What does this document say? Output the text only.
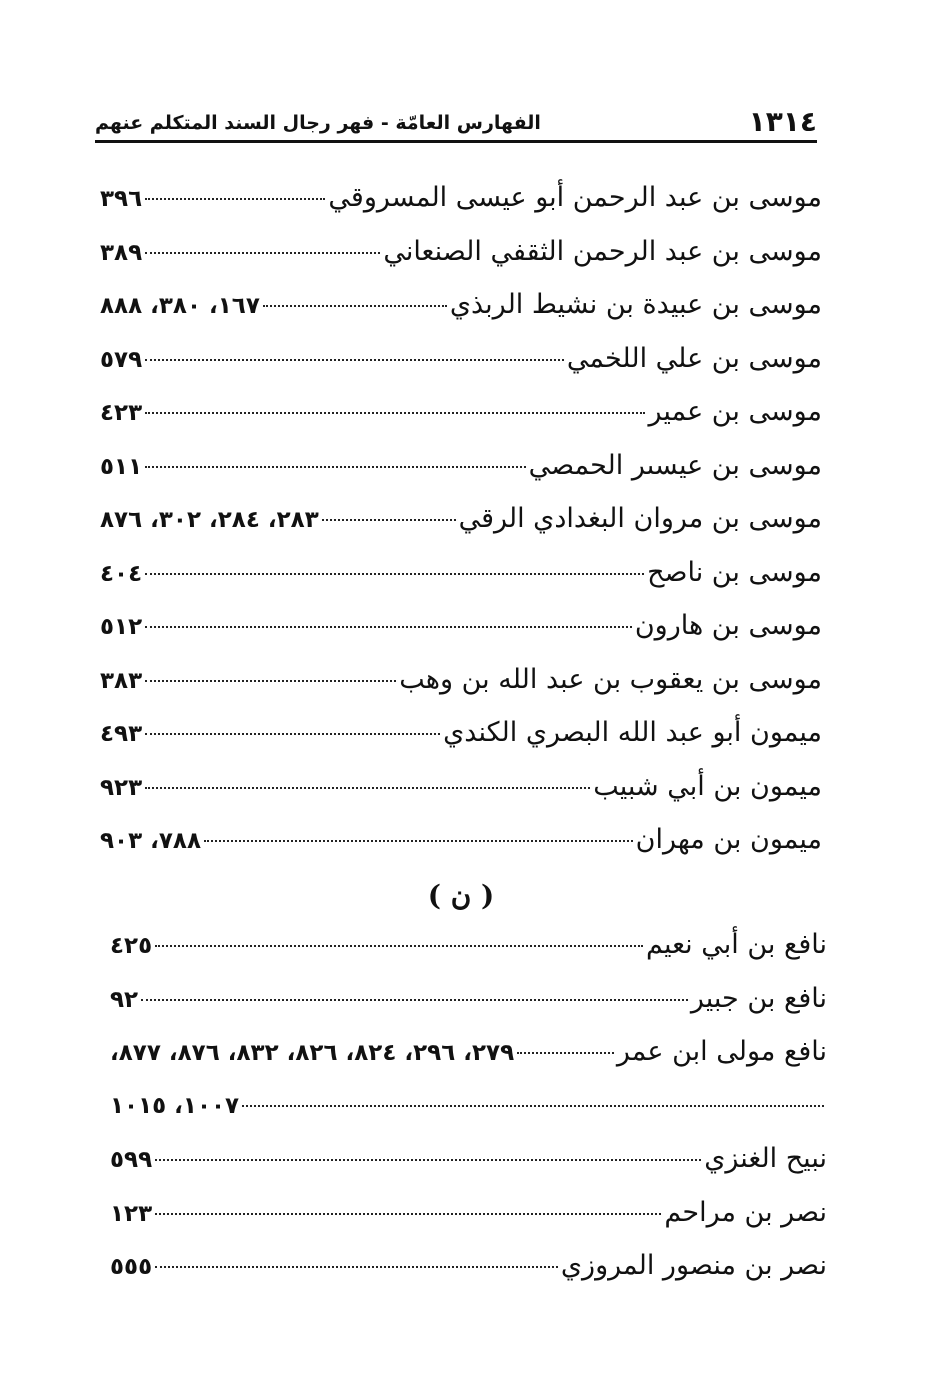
١٣١٤
الفهارس العامّة - فهر رجال السند المتكلم عنهم
موسى بن عبد الرحمن أبو عيسى المسروقي
٣٩٦
موسى بن عبد الرحمن الثقفي الصنعاني
٣٨٩
موسى بن عبيدة بن نشيط الربذي
١٦٧، ٣٨٠، ٨٨٨
موسى بن علي اللخمي
٥٧٩
موسى بن عمير
٤٢٣
موسى بن عيسىر الحمصي
٥١١
موسى بن مروان البغدادي الرقي
٢٨٣، ٢٨٤، ٣٠٢، ٨٧٦
موسى بن ناصح
٤٠٤
موسى بن هارون
٥١٢
موسى بن يعقوب بن عبد الله بن وهب
٣٨٣
ميمون أبو عبد الله البصري الكندي
٤٩٣
ميمون بن أبي شبيب
٩٢٣
ميمون بن مهران
٧٨٨، ٩٠٣
( ن )
نافع بن أبي نعيم
٤٢٥
نافع بن جبير
٩٢
نافع مولى ابن عمر
٢٧٩، ٢٩٦، ٨٢٤، ٨٢٦، ٨٣٢، ٨٧٦، ٨٧٧،
١٠٠٧، ١٠١٥
نبيح الغنزي
٥٩٩
نصر بن مراحم
١٢٣
نصر بن منصور المروزي
٥٥٥
